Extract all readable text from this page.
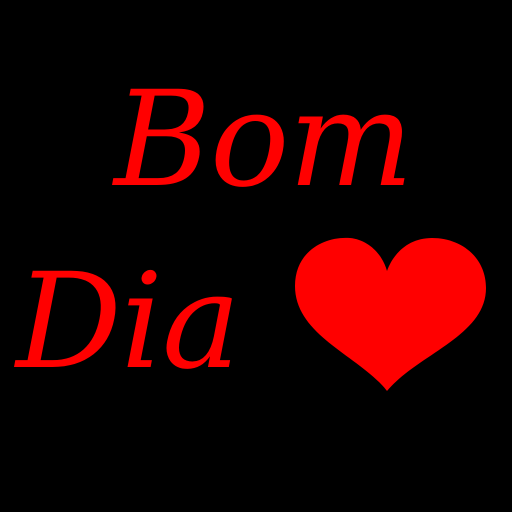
Bom
Dia
